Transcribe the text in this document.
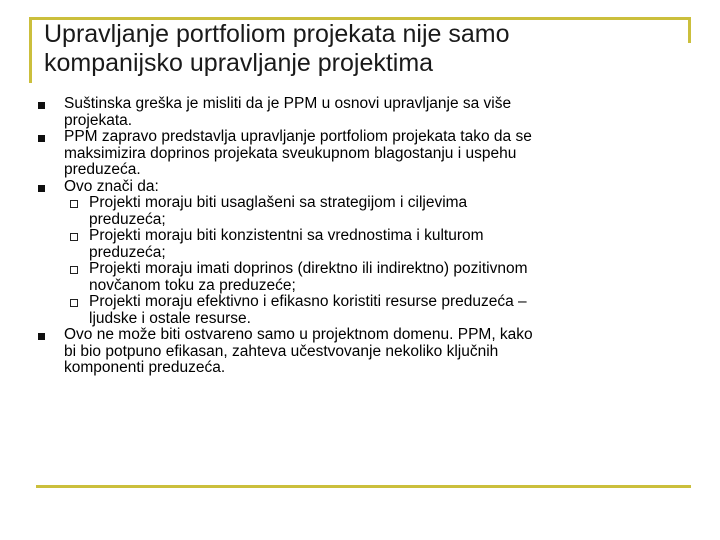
Upravljanje portfoliom projekata nije samo
kompanijsko upravljanje projektima
Suštinska greška je misliti da je PPM u osnovi upravljanje sa više
projekata.
PPM zapravo predstavlja upravljanje portfoliom projekata tako da se
maksimizira doprinos projekata sveukupnom blagostanju i uspehu
preduzeća.
Ovo znači da:
Projekti moraju biti usaglašeni sa strategijom i ciljevima
preduzeća;
Projekti moraju biti konzistentni sa vrednostima i kulturom
preduzeća;
Projekti moraju imati doprinos (direktno ili indirektno) pozitivnom
novčanom toku za preduzeće;
Projekti moraju efektivno i efikasno koristiti resurse preduzeća –
ljudske i ostale resurse.
Ovo ne može biti ostvareno samo u projektnom domenu. PPM, kako
bi bio potpuno efikasan, zahteva učestvovanje nekoliko ključnih
komponenti preduzeća.
